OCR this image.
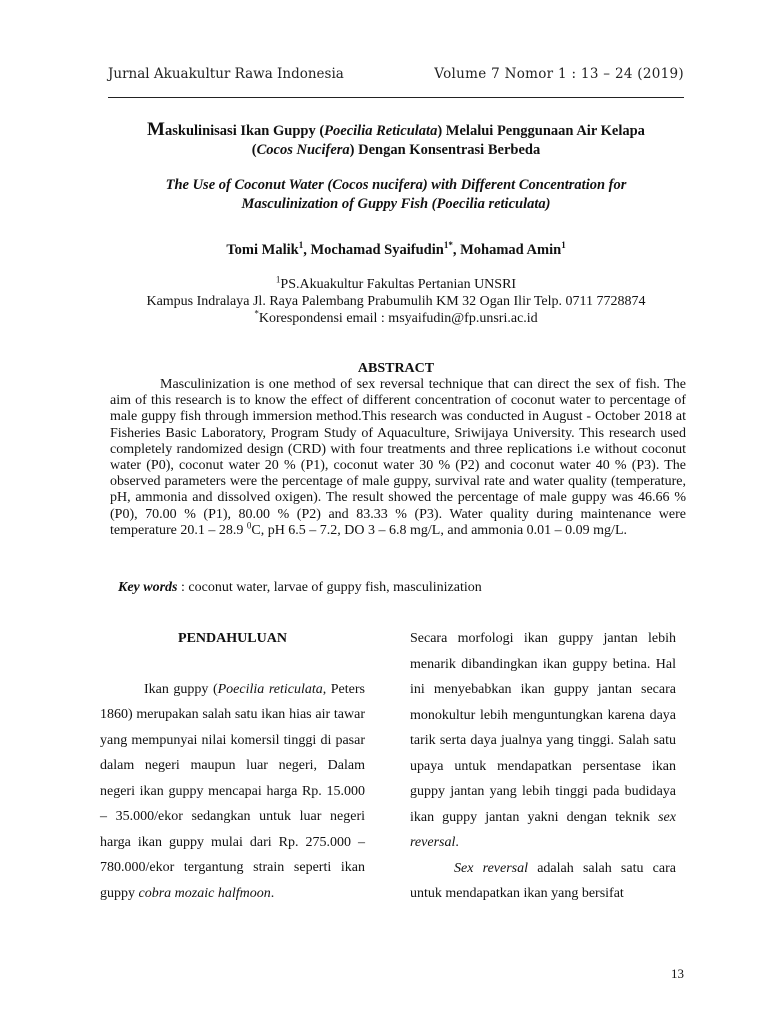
Jurnal Akuakultur Rawa Indonesia	Volume 7 Nomor 1 : 13 – 24 (2019)
Maskulinisasi Ikan Guppy (Poecilia Reticulata) Melalui Penggunaan Air Kelapa
(Cocos Nucifera) Dengan Konsentrasi Berbeda
The Use of Coconut Water (Cocos nucifera) with Different Concentration for
Masculinization of Guppy Fish (Poecilia reticulata)
Tomi Malik$^1$, Mochamad Syaifudin$^{1*}$, Mohamad Amin$^1$
$^1$PS.Akuakultur Fakultas Pertanian UNSRI
Kampus Indralaya Jl. Raya Palembang Prabumulih KM 32 Ogan Ilir Telp. 0711 7728874
*Korespondensi email : msyaifudin@fp.unsri.ac.id
ABSTRACT
Masculinization is one method of sex reversal technique that can direct the sex of fish. The aim of this research is to know the effect of different concentration of coconut water to percentage of male guppy fish through immersion method.This research was conducted in August - October 2018 at Fisheries Basic Laboratory, Program Study of Aquaculture, Sriwijaya University. This research used completely randomized design (CRD) with four treatments and three replications i.e without coconut water (P0), coconut water 20 % (P1), coconut water 30 % (P2) and coconut water 40 % (P3). The observed parameters were the percentage of male guppy, survival rate and water quality (temperature, pH, ammonia and dissolved oxigen). The result showed the percentage of male guppy was 46.66 % (P0), 70.00 % (P1), 80.00 % (P2) and 83.33 % (P3). Water quality during maintenance were temperature 20.1 – 28.9 $^0$C, pH 6.5 – 7.2, DO 3 – 6.8 mg/L, and ammonia 0.01 – 0.09 mg/L.
Key words : coconut water, larvae of guppy fish, masculinization
PENDAHULUAN
Ikan guppy (Poecilia reticulata, Peters 1860) merupakan salah satu ikan hias air tawar yang mempunyai nilai komersil tinggi di pasar dalam negeri maupun luar negeri, Dalam negeri ikan guppy mencapai harga Rp. 15.000 – 35.000/ekor sedangkan untuk luar negeri harga ikan guppy mulai dari Rp. 275.000 – 780.000/ekor tergantung strain seperti ikan guppy cobra mozaic halfmoon.
Secara morfologi ikan guppy jantan lebih menarik dibandingkan ikan guppy betina. Hal ini menyebabkan ikan guppy jantan secara monokultur lebih menguntungkan karena daya tarik serta daya jualnya yang tinggi. Salah satu upaya untuk mendapatkan persentase ikan guppy jantan yang lebih tinggi pada budidaya ikan guppy jantan yakni dengan teknik sex reversal.
Sex reversal adalah salah satu cara untuk mendapatkan ikan yang bersifat
13
